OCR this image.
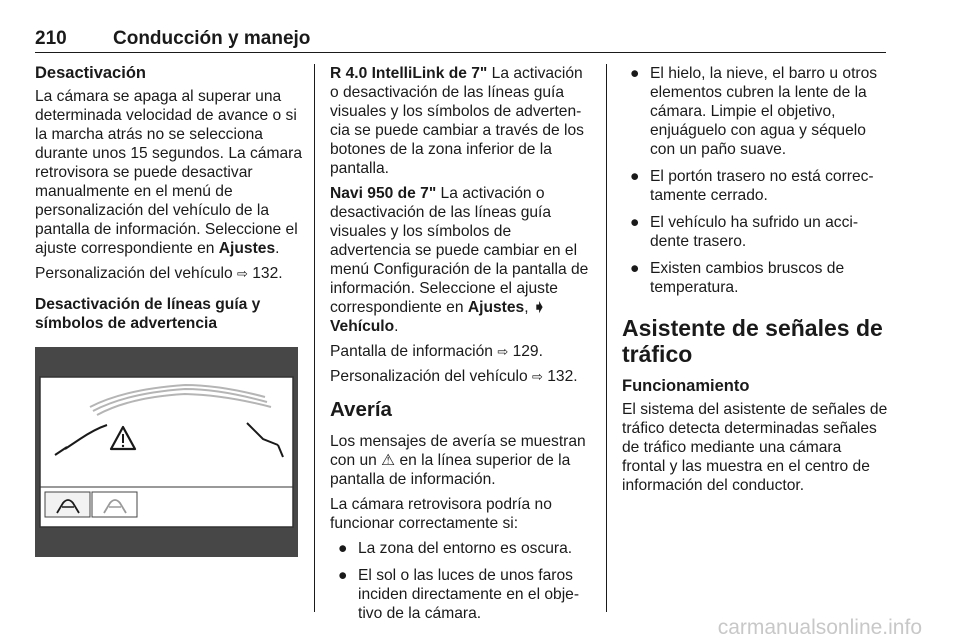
210 Conducción y manejo
Desactivación

La cámara se apaga al superar una determinada velocidad de avance o si la marcha atrás no se selecciona durante unos 15 segundos. La cámara retrovisora se puede desactivar manualmente en el menú de personalización del vehículo de la pantalla de información. Seleccione el ajuste correspondiente en Ajustes.

Personalización del vehículo ⇨ 132.

Desactivación de líneas guía y símbolos de advertencia

R 4.0 IntelliLink de 7" La activación o desactivación de las líneas guía visuales y los símbolos de advertencia se puede cambiar a través de los botones de la zona inferior de la pantalla.

Navi 950 de 7" La activación o desactivación de las líneas guía visuales y los símbolos de advertencia se puede cambiar en el menú Configuración de la pantalla de información. Seleccione el ajuste correspondiente en Ajustes, ➧ Vehículo.

Pantalla de información ⇨ 129.

Personalización del vehículo ⇨ 132.

Avería

Los mensajes de avería se muestran con un ⚠ en la línea superior de la pantalla de información.

La cámara retrovisora podría no funcionar correctamente si:

● La zona del entorno es oscura.
● El sol o las luces de unos faros inciden directamente en el objetivo de la cámara.
● El hielo, la nieve, el barro u otros elementos cubren la lente de la cámara. Limpie el objetivo, enjuáguelo con agua y séquelo con un paño suave.
● El portón trasero no está correctamente cerrado.
● El vehículo ha sufrido un accidente trasero.
● Existen cambios bruscos de temperatura.
Asistente de señales de tráfico
Funcionamiento

El sistema del asistente de señales de tráfico detecta determinadas señales de tráfico mediante una cámara frontal y las muestra en el centro de información del conductor.

carmanualsonline.info
